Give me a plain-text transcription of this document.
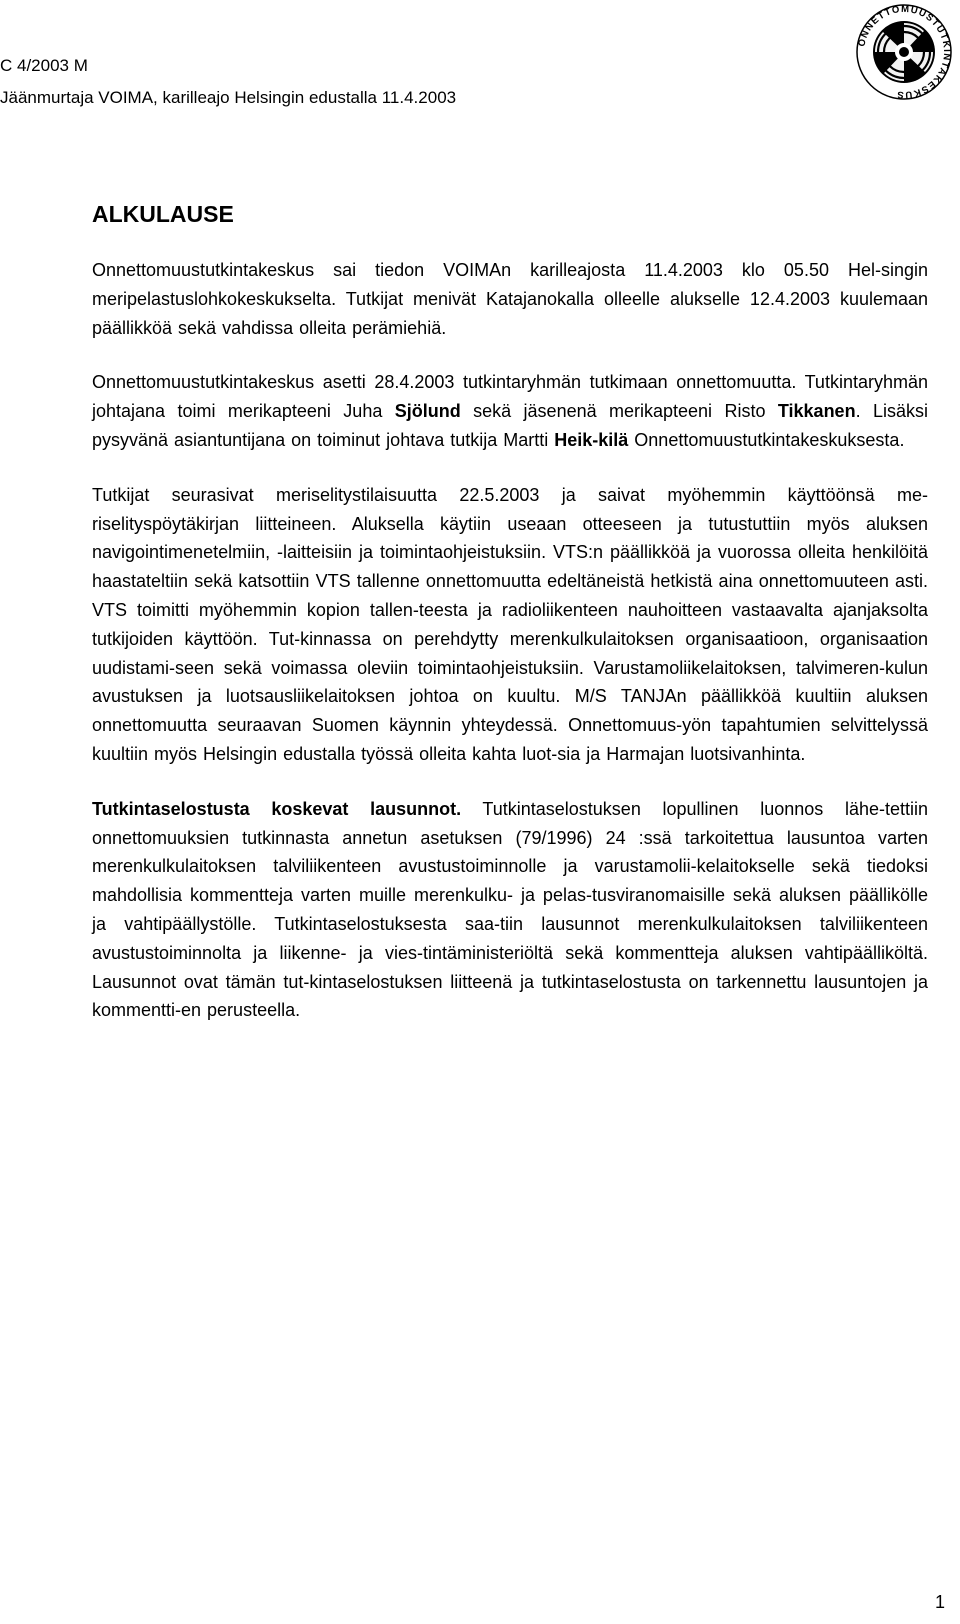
C 4/2003 M
Jäänmurtaja VOIMA, karilleajo Helsingin edustalla 11.4.2003
ONNETTOMUUSTUTKINTAKESKUS
ALKULAUSE

Onnettomuustutkintakeskus sai tiedon VOIMAn karilleajosta 11.4.2003 klo 05.50 Hel-singin meripelastuslohkokeskukselta. Tutkijat menivät Katajanokalla olleelle alukselle 12.4.2003 kuulemaan päällikköä sekä vahdissa olleita perämiehiä.

Onnettomuustutkintakeskus asetti 28.4.2003 tutkintaryhmän tutkimaan onnettomuutta. Tutkintaryhmän johtajana toimi merikapteeni Juha Sjölund sekä jäsenenä merikapteeni Risto Tikkanen. Lisäksi pysyvänä asiantuntijana on toiminut johtava tutkija Martti Heik-kilä Onnettomuustutkintakeskuksesta.

Tutkijat seurasivat meriselitystilaisuutta 22.5.2003 ja saivat myöhemmin käyttöönsä me-riselityspöytäkirjan liitteineen. Aluksella käytiin useaan otteeseen ja tutustuttiin myös aluksen navigointimenetelmiin, -laitteisiin ja toimintaohjeistuksiin. VTS:n päällikköä ja vuorossa olleita henkilöitä haastateltiin sekä katsottiin VTS tallenne onnettomuutta edeltäneistä hetkistä aina onnettomuuteen asti. VTS toimitti myöhemmin kopion tallen-teesta ja radioliikenteen nauhoitteen vastaavalta ajanjaksolta tutkijoiden käyttöön. Tut-kinnassa on perehdytty merenkulkulaitoksen organisaatioon, organisaation uudistami-seen sekä voimassa oleviin toimintaohjeistuksiin. Varustamoliikelaitoksen, talvimeren-kulun avustuksen ja luotsausliikelaitoksen johtoa on kuultu. M/S TANJAn päällikköä kuultiin aluksen onnettomuutta seuraavan Suomen käynnin yhteydessä. Onnettomuus-yön tapahtumien selvittelyssä kuultiin myös Helsingin edustalla työssä olleita kahta luot-sia ja Harmajan luotsivanhinta.

Tutkintaselostusta koskevat lausunnot. Tutkintaselostuksen lopullinen luonnos lähe-tettiin onnettomuuksien tutkinnasta annetun asetuksen (79/1996) 24 :ssä tarkoitettua lausuntoa varten merenkulkulaitoksen talviliikenteen avustustoiminnolle ja varustamolii-kelaitokselle sekä tiedoksi mahdollisia kommentteja varten muille merenkulku- ja pelas-tusviranomaisille sekä aluksen päällikölle ja vahtipäällystölle. Tutkintaselostuksesta saa-tiin lausunnot merenkulkulaitoksen talviliikenteen avustustoiminnolta ja liikenne- ja vies-tintäministeriöltä sekä kommentteja aluksen vahtipäälliköltä. Lausunnot ovat tämän tut-kintaselostuksen liitteenä ja tutkintaselostusta on tarkennettu lausuntojen ja kommentti-en perusteella.

1
